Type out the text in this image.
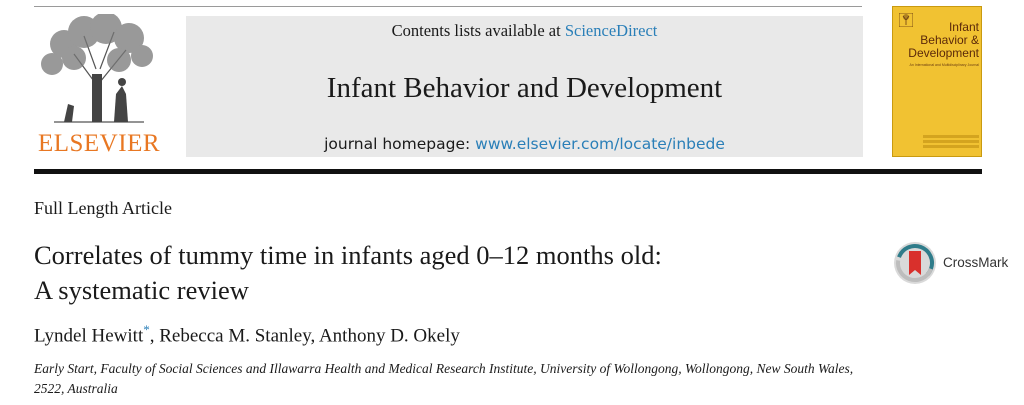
ELSEVIER
Contents lists available at ScienceDirect
Infant Behavior and Development
journal homepage: www.elsevier.com/locate/inbede
Infant
Behavior &
Development
An International and Multidisciplinary Journal
Full Length Article
Correlates of tummy time in infants aged 0–12 months old:
A systematic review
Lyndel Hewitt*, Rebecca M. Stanley, Anthony D. Okely
Early Start, Faculty of Social Sciences and Illawarra Health and Medical Research Institute, University of Wollongong, Wollongong, New South Wales,
2522, Australia
CrossMark
